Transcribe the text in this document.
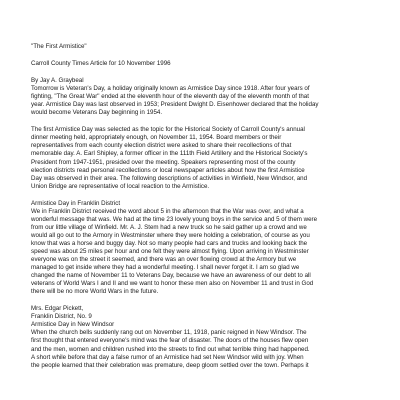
"The First Armistice"

Carroll County Times Article for 10 November 1996

By Jay A. Graybeal

Tomorrow is Veteran's Day, a holiday originally known as Armistice Day since 1918. After four years of
fighting, "The Great War" ended at the eleventh hour of the eleventh day of the eleventh month of that
year. Armistice Day was last observed in 1953; President Dwight D. Eisenhower declared that the holiday
would become Veterans Day beginning in 1954.

The first Armistice Day was selected as the topic for the Historical Society of Carroll County's annual
dinner meeting held, appropriately enough, on November 11, 1954. Board members or their
representatives from each county election district were asked to share their recollections of that
memorable day. A. Earl Shipley, a former officer in the 111th Field Artillery and the Historical Society's
President from 1947-1951, presided over the meeting. Speakers representing most of the county
election districts read personal recollections or local newspaper articles about how the first Armistice
Day was observed in their area. The following descriptions of activities in Winfield, New Windsor, and
Union Bridge are representative of local reaction to the Armistice.

Armistice Day in Franklin District

We in Franklin District received the word about 5 in the afternoon that the War was over, and what a
wonderful message that was. We had at the time 23 lovely young boys in the service and 5 of them were
from our little village of Winfield. Mr. A. J. Stem had a new truck so he said gather up a crowd and we
would all go out to the Armory in Westminster where they were holding a celebration, of course as you
know that was a horse and buggy day. Not so many people had cars and trucks and looking back the
speed was about 25 miles per hour and one felt they were almost flying. Upon arriving in Westminster
everyone was on the street it seemed, and there was an over flowing crowd at the Armory but we
managed to get inside where they had a wonderful meeting. I shall never forget it. I am so glad we
changed the name of November 11 to Veterans Day, because we have an awareness of our debt to all
veterans of World Wars I and II and we want to honor these men also on November 11 and trust in God
there will be no more World Wars in the future.

Mrs. Edgar Pickett,

Franklin District, No. 9

Armistice Day in New Windsor

When the church bells suddenly rang out on November 11, 1918, panic reigned in New Windsor. The
first thought that entered everyone's mind was the fear of disaster. The doors of the houses flew open
and the men, women and children rushed into the streets to find out what terrible thing had happened.
A short while before that day a false rumor of an Armistice had set New Windsor wild with joy. When
the people learned that their celebration was premature, deep gloom settled over the town. Perhaps it
